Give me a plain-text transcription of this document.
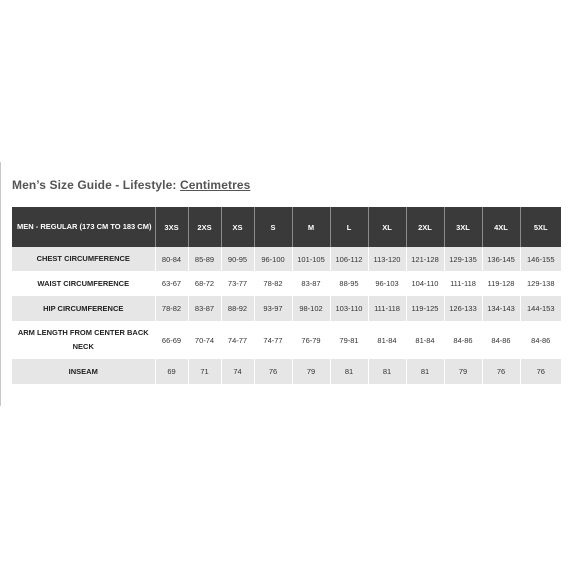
Men’s Size Guide - Lifestyle: Centimetres
MEN - REGULAR (173 CM TO 183 CM)	3XS	2XS	XS	S	M	L	XL	2XL	3XL	4XL	5XL
CHEST CIRCUMFERENCE	80-84	85-89	90-95	96-100	101-105	106-112	113-120	121-128	129-135	136-145	146-155
WAIST CIRCUMFERENCE	63-67	68-72	73-77	78-82	83-87	88-95	96-103	104-110	111-118	119-128	129-138
HIP CIRCUMFERENCE	78-82	83-87	88-92	93-97	98-102	103-110	111-118	119-125	126-133	134-143	144-153
ARM LENGTH FROM CENTER BACK NECK	66-69	70-74	74-77	74-77	76-79	79-81	81-84	81-84	84-86	84-86	84-86
INSEAM	69	71	74	76	79	81	81	81	79	76	76
